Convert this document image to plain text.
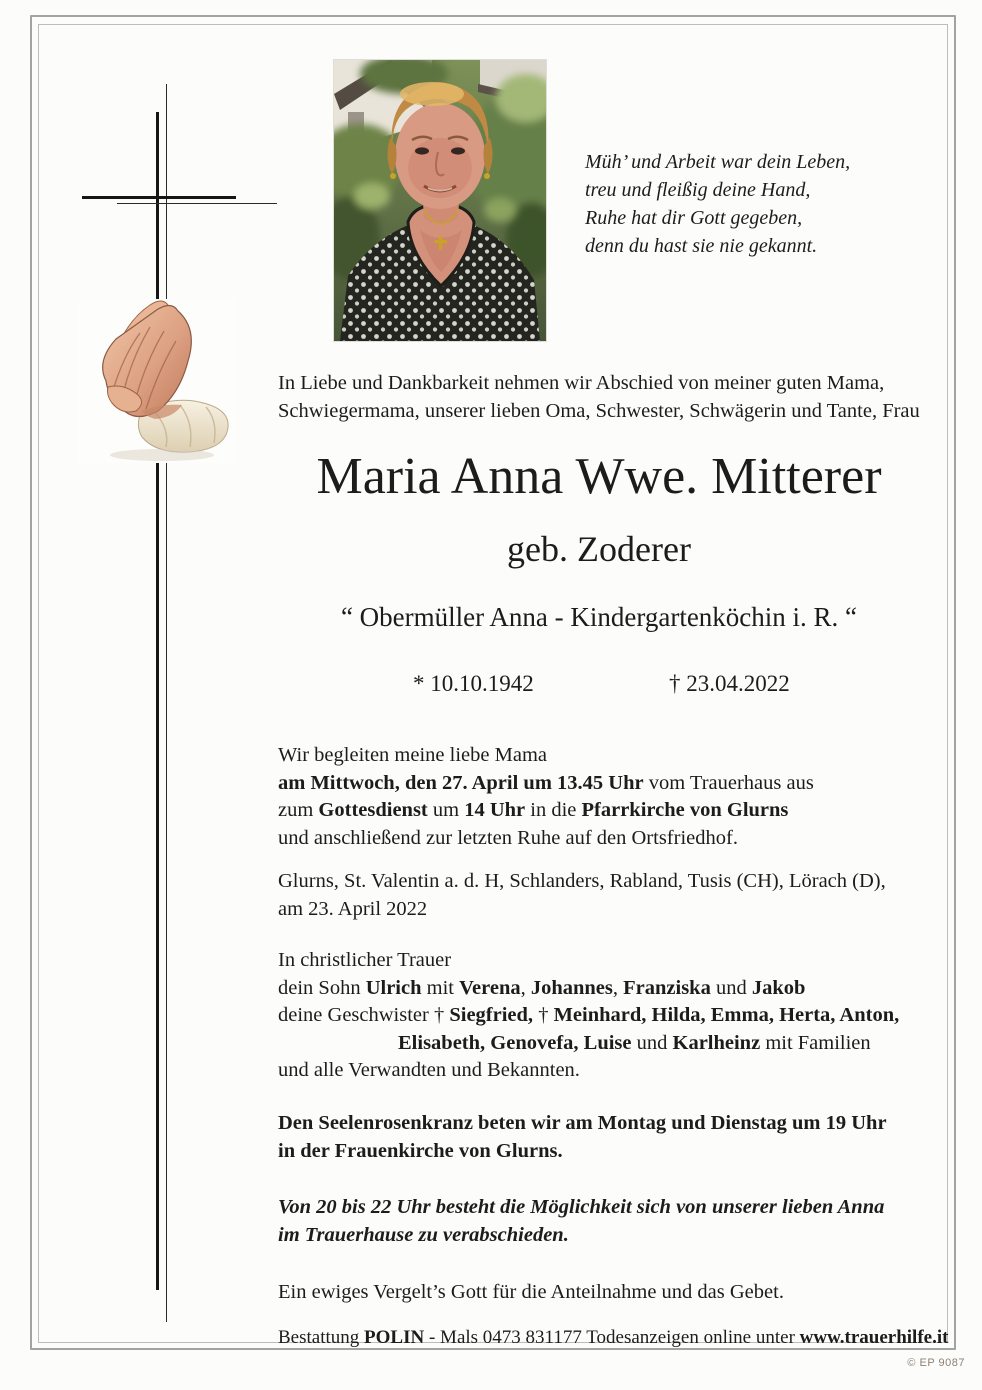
Müh’ und Arbeit war dein Leben,
treu und fleißig deine Hand,
Ruhe hat dir Gott gegeben,
denn du hast sie nie gekannt.
In Liebe und Dankbarkeit nehmen wir Abschied von meiner guten Mama,
Schwiegermama, unserer lieben Oma, Schwester, Schwägerin und Tante, Frau
Maria Anna Wwe. Mitterer
geb. Zoderer
“ Obermüller Anna - Kindergartenköchin i. R. “
* 10.10.1942	† 23.04.2022
Wir begleiten meine liebe Mama
am Mittwoch, den 27. April um 13.45 Uhr vom Trauerhaus aus
zum Gottesdienst um 14 Uhr in die Pfarrkirche von Glurns
und anschließend zur letzten Ruhe auf den Ortsfriedhof.
Glurns, St. Valentin a. d. H, Schlanders, Rabland, Tusis (CH), Lörach (D),
am 23. April 2022
In christlicher Trauer
dein Sohn Ulrich mit Verena, Johannes, Franziska und Jakob
deine Geschwister † Siegfried, † Meinhard, Hilda, Emma, Herta, Anton,
Elisabeth, Genovefa, Luise und Karlheinz mit Familien
und alle Verwandten und Bekannten.
Den Seelenrosenkranz beten wir am Montag und Dienstag um 19 Uhr
in der Frauenkirche von Glurns.
Von 20 bis 22 Uhr besteht die Möglichkeit sich von unserer lieben Anna
im Trauerhause zu verabschieden.
Ein ewiges Vergelt’s Gott für die Anteilnahme und das Gebet.
Bestattung POLIN - Mals 0473 831177 Todesanzeigen online unter www.trauerhilfe.it
© EP 9087
